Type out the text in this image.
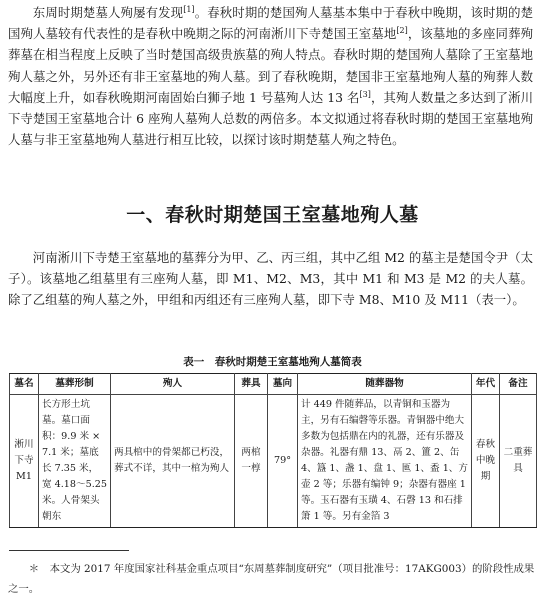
东周时期楚墓人殉屡有发现[1]。春秋时期的楚国殉人墓基本集中于春秋中晚期，该时期的楚国殉人墓较有代表性的是春秋中晚期之际的河南淅川下寺楚国王室墓地[2]，该墓地的多座同葬殉葬墓在相当程度上反映了当时楚国高级贵族墓的殉人特点。春秋时期的楚国殉人墓除了王室墓地殉人墓之外，另外还有非王室墓地的殉人墓。到了春秋晚期，楚国非王室墓地殉人墓的殉葬人数大幅度上升，如春秋晚期河南固始白狮子地 1 号墓殉人达 13 名[3]，其殉人数量之多达到了淅川下寺楚国王室墓地合计 6 座殉人墓殉人总数的两倍多。本文拟通过将春秋时期的楚国王室墓地殉人墓与非王室墓地殉人墓进行相互比较，以探讨该时期楚墓人殉之特色。

一、春秋时期楚国王室墓地殉人墓

河南淅川下寺楚王室墓地的墓葬分为甲、乙、丙三组，其中乙组 M2 的墓主是楚国令尹（太子）。该墓地乙组墓里有三座殉人墓，即 M1、M2、M3，其中 M1 和 M3 是 M2 的夫人墓。除了乙组墓的殉人墓之外，甲组和丙组还有三座殉人墓，即下寺 M8、M10 及 M11（表一）。

表一　春秋时期楚王室墓地殉人墓简表

墓名	墓葬形制	殉人	葬具	墓向	随葬器物	年代	备注
淅川下寺 M1	长方形土坑墓。墓口面积：9.9 米 ×7.1 米；墓底长 7.35 米，宽 4.18～5.25 米。人骨架头朝东	两具棺中的骨架都已朽没，葬式不详，其中一棺为殉人	两棺一椁	79°	计 449 件随葬品，以青铜和玉器为主，另有石编磬等乐器。青铜器中绝大多数为包括鼎在内的礼器，还有乐器及杂器。礼器有鼎 13、鬲 2、簠 2、缶 4、簋 1、盏 1、盘 1、匜 1、盉 1、方壶 2 等；乐器有编钟 9；杂器有器座 1 等。玉石器有玉璜 4、石磬 13 和石排箫 1 等。另有金箔 3	春秋中晚期	二重葬具

＊　本文为 2017 年度国家社科基金重点项目“东周墓葬制度研究”（项目批准号：17AKG003）的阶段性成果之一。
